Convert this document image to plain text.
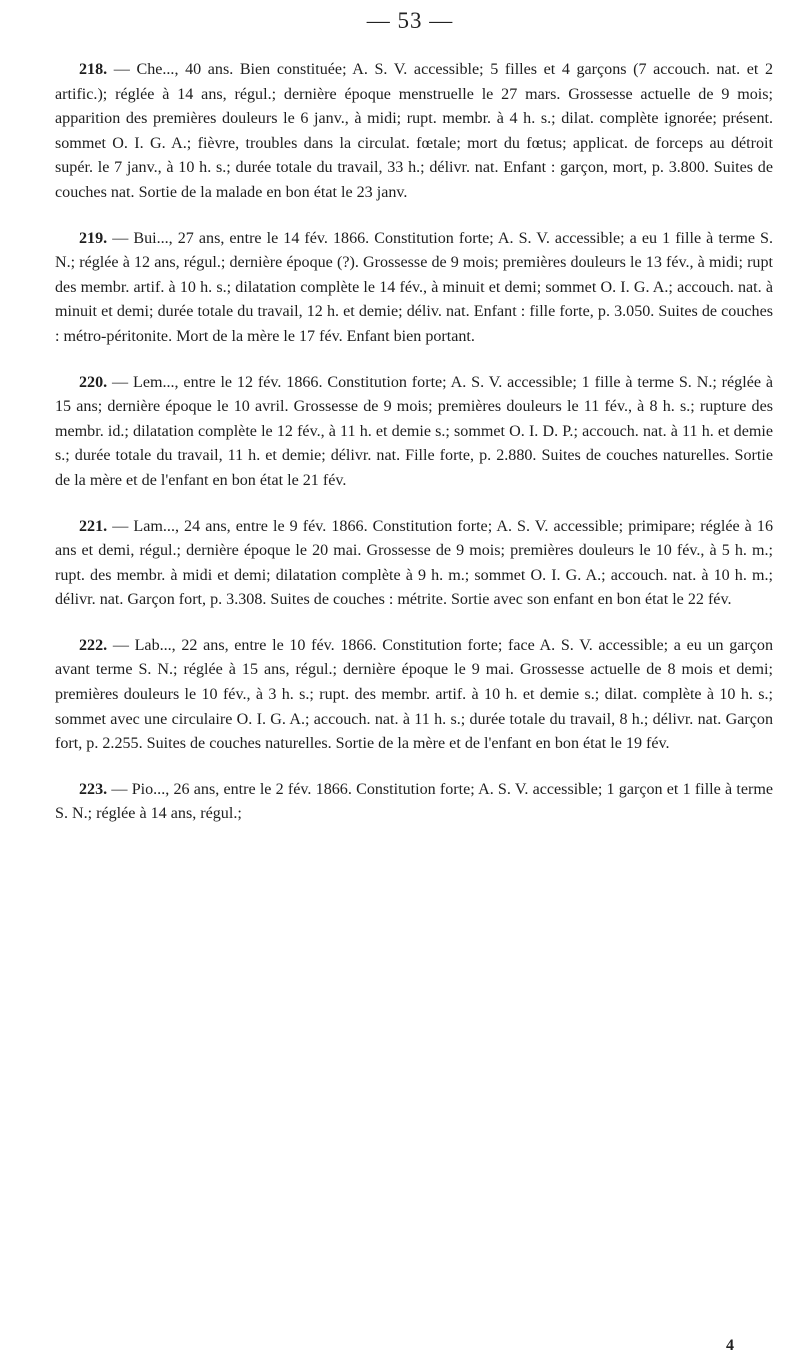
— 53 —

218. — Che..., 40 ans. Bien constituée; A. S. V. accessible; 5 filles et 4 garçons (7 accouch. nat. et 2 artific.); réglée à 14 ans, régul.; dernière époque menstruelle le 27 mars. Grossesse actuelle de 9 mois; apparition des premières douleurs le 6 janv., à midi; rupt. membr. à 4 h. s.; dilat. complète ignorée; présent. sommet O. I. G. A.; fièvre, troubles dans la circulat. fœtale; mort du fœtus; applicat. de forceps au détroit supér. le 7 janv., à 10 h. s.; durée totale du travail, 33 h.; délivr. nat. Enfant : garçon, mort, p. 3.800. Suites de couches nat. Sortie de la malade en bon état le 23 janv.

219. — Bui..., 27 ans, entre le 14 fév. 1866. Constitution forte; A. S. V. accessible; a eu 1 fille à terme S. N.; réglée à 12 ans, régul.; dernière époque (?). Grossesse de 9 mois; premières douleurs le 13 fév., à midi; rupt des membr. artif. à 10 h. s.; dilatation complète le 14 fév., à minuit et demi; sommet O. I. G. A.; accouch. nat. à minuit et demi; durée totale du travail, 12 h. et demie; déliv. nat. Enfant : fille forte, p. 3.050. Suites de couches : métro-péritonite. Mort de la mère le 17 fév. Enfant bien portant.

220. — Lem..., entre le 12 fév. 1866. Constitution forte; A. S. V. accessible; 1 fille à terme S. N.; réglée à 15 ans; dernière époque le 10 avril. Grossesse de 9 mois; premières douleurs le 11 fév., à 8 h. s.; rupture des membr. id.; dilatation complète le 12 fév., à 11 h. et demie s.; sommet O. I. D. P.; accouch. nat. à 11 h. et demie s.; durée totale du travail, 11 h. et demie; délivr. nat. Fille forte, p. 2.880. Suites de couches naturelles. Sortie de la mère et de l'enfant en bon état le 21 fév.

221. — Lam..., 24 ans, entre le 9 fév. 1866. Constitution forte; A. S. V. accessible; primipare; réglée à 16 ans et demi, régul.; dernière époque le 20 mai. Grossesse de 9 mois; premières douleurs le 10 fév., à 5 h. m.; rupt. des membr. à midi et demi; dilatation complète à 9 h. m.; sommet O. I. G. A.; accouch. nat. à 10 h. m.; délivr. nat. Garçon fort, p. 3.308. Suites de couches : métrite. Sortie avec son enfant en bon état le 22 fév.

222. — Lab..., 22 ans, entre le 10 fév. 1866. Constitution forte; face A. S. V. accessible; a eu un garçon avant terme S. N.; réglée à 15 ans, régul.; dernière époque le 9 mai. Grossesse actuelle de 8 mois et demi; premières douleurs le 10 fév., à 3 h. s.; rupt. des membr. artif. à 10 h. et demie s.; dilat. complète à 10 h. s.; sommet avec une circulaire O. I. G. A.; accouch. nat. à 11 h. s.; durée totale du travail, 8 h.; délivr. nat. Garçon fort, p. 2.255. Suites de couches naturelles. Sortie de la mère et de l'enfant en bon état le 19 fév.

223. — Pio..., 26 ans, entre le 2 fév. 1866. Constitution forte; A. S. V. accessible; 1 garçon et 1 fille à terme S. N.; réglée à 14 ans, régul.;

4
